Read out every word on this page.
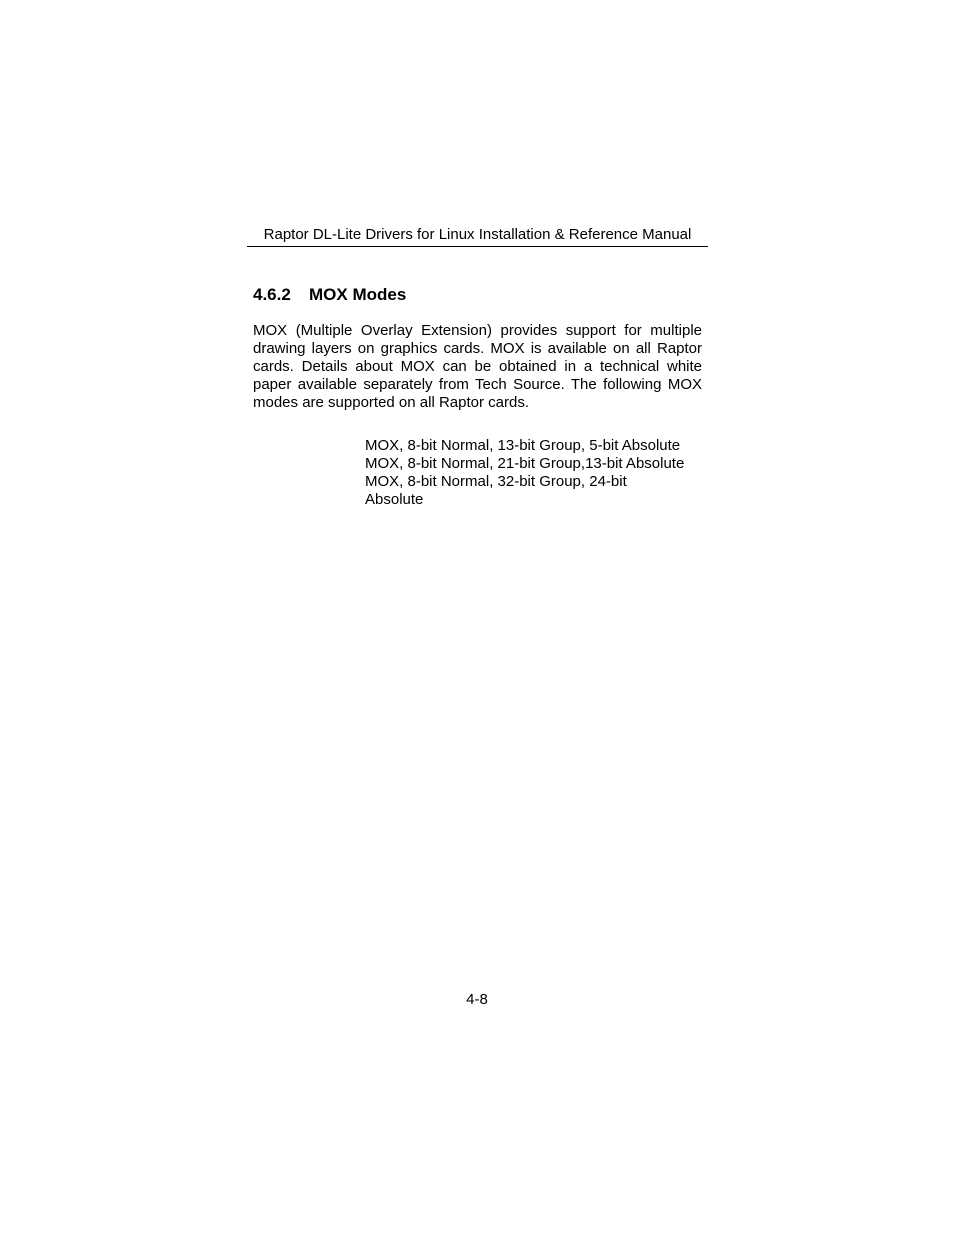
Raptor DL-Lite Drivers for Linux Installation & Reference Manual
4.6.2 MOX Modes

MOX (Multiple Overlay Extension) provides support for multiple drawing layers on graphics cards. MOX is available on all Raptor cards. Details about MOX can be obtained in a technical white paper available separately from Tech Source. The following MOX modes are supported on all Raptor cards.

MOX, 8-bit Normal, 13-bit Group, 5-bit Absolute
MOX, 8-bit Normal, 21-bit Group,13-bit Absolute
MOX, 8-bit Normal, 32-bit Group, 24-bit Absolute
4-8
